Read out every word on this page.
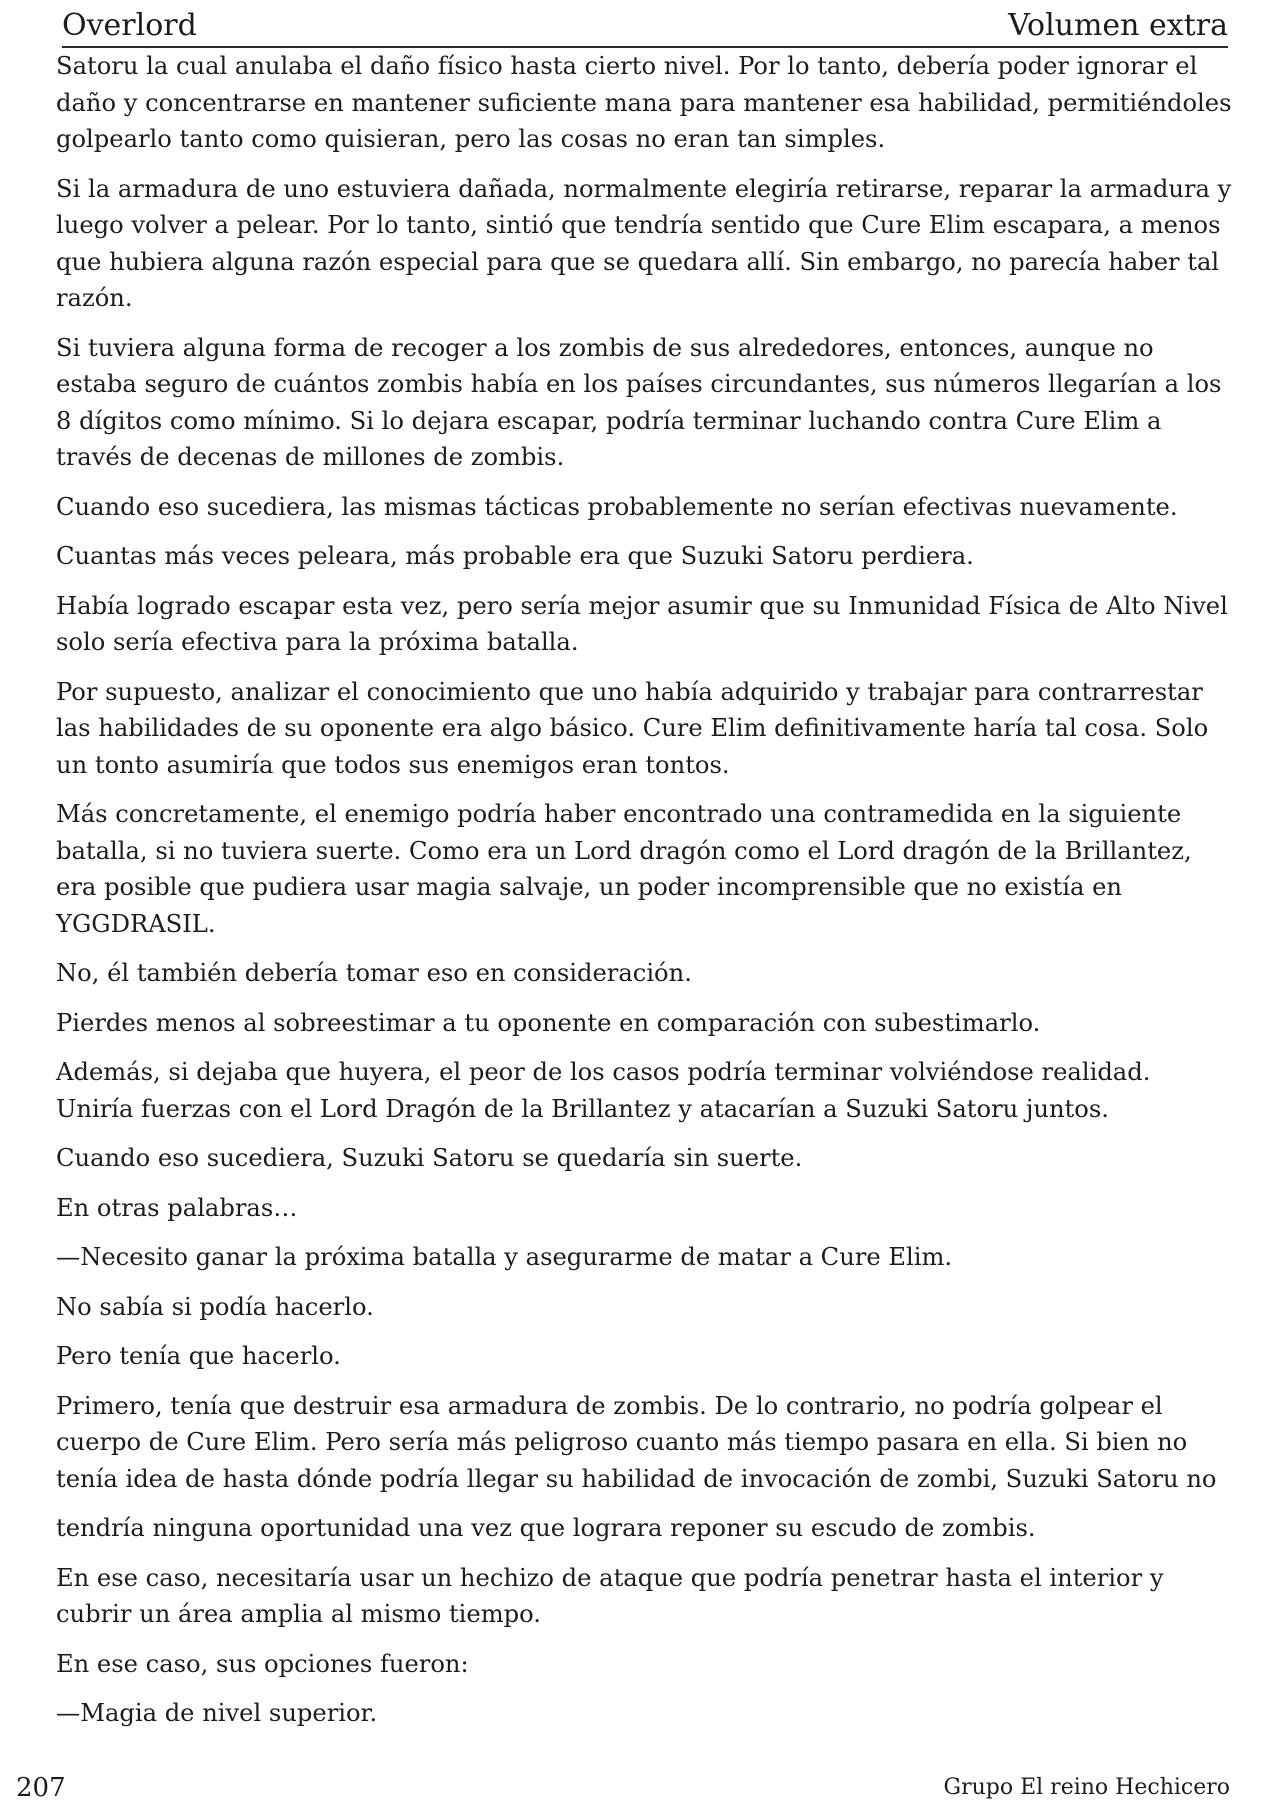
Overlord	Volumen extra

Satoru la cual anulaba el daño físico hasta cierto nivel. Por lo tanto, debería poder ignorar el daño y concentrarse en mantener suficiente mana para mantener esa habilidad, permitiéndoles golpearlo tanto como quisieran, pero las cosas no eran tan simples.

Si la armadura de uno estuviera dañada, normalmente elegiría retirarse, reparar la armadura y luego volver a pelear. Por lo tanto, sintió que tendría sentido que Cure Elim escapara, a menos que hubiera alguna razón especial para que se quedara allí. Sin embargo, no parecía haber tal razón.

Si tuviera alguna forma de recoger a los zombis de sus alrededores, entonces, aunque no estaba seguro de cuántos zombis había en los países circundantes, sus números llegarían a los 8 dígitos como mínimo. Si lo dejara escapar, podría terminar luchando contra Cure Elim a través de decenas de millones de zombis.

Cuando eso sucediera, las mismas tácticas probablemente no serían efectivas nuevamente.

Cuantas más veces peleara, más probable era que Suzuki Satoru perdiera.

Había logrado escapar esta vez, pero sería mejor asumir que su Inmunidad Física de Alto Nivel solo sería efectiva para la próxima batalla.

Por supuesto, analizar el conocimiento que uno había adquirido y trabajar para contrarrestar las habilidades de su oponente era algo básico. Cure Elim definitivamente haría tal cosa. Solo un tonto asumiría que todos sus enemigos eran tontos.

Más concretamente, el enemigo podría haber encontrado una contramedida en la siguiente batalla, si no tuviera suerte. Como era un Lord dragón como el Lord dragón de la Brillantez, era posible que pudiera usar magia salvaje, un poder incomprensible que no existía en YGGDRASIL.

No, él también debería tomar eso en consideración.

Pierdes menos al sobreestimar a tu oponente en comparación con subestimarlo.

Además, si dejaba que huyera, el peor de los casos podría terminar volviéndose realidad. Uniría fuerzas con el Lord Dragón de la Brillantez y atacarían a Suzuki Satoru juntos.

Cuando eso sucediera, Suzuki Satoru se quedaría sin suerte.

En otras palabras…

—Necesito ganar la próxima batalla y asegurarme de matar a Cure Elim.

No sabía si podía hacerlo.

Pero tenía que hacerlo.

Primero, tenía que destruir esa armadura de zombis. De lo contrario, no podría golpear el cuerpo de Cure Elim. Pero sería más peligroso cuanto más tiempo pasara en ella. Si bien no tenía idea de hasta dónde podría llegar su habilidad de invocación de zombi, Suzuki Satoru no

tendría ninguna oportunidad una vez que lograra reponer su escudo de zombis.

En ese caso, necesitaría usar un hechizo de ataque que podría penetrar hasta el interior y cubrir un área amplia al mismo tiempo.

En ese caso, sus opciones fueron:

—Magia de nivel superior.

207	Grupo El reino Hechicero
